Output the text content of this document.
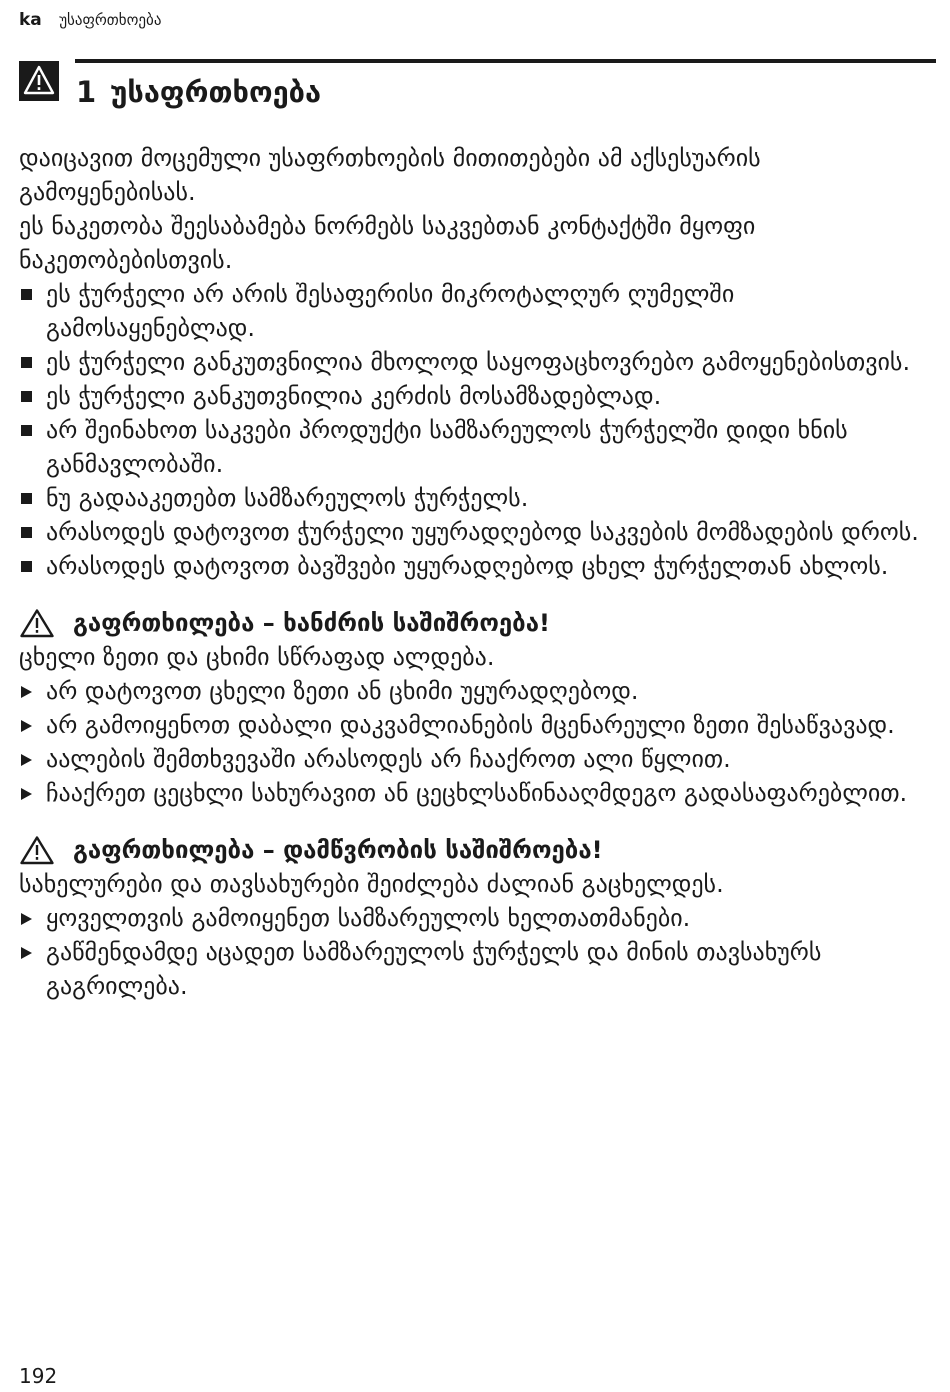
ka უსაფრთხოება
1 უსაფრთხოება

დაიცავით მოცემული უსაფრთხოების მითითებები ამ აქსესუარის გამოყენებისას.

ეს ნაკეთობა შეესაბამება ნორმებს საკვებთან კონტაქტში მყოფი ნაკეთობებისთვის.

ეს ჭურჭელი არ არის შესაფერისი მიკროტალღურ ღუმელში გამოსაყენებლად.
ეს ჭურჭელი განკუთვნილია მხოლოდ საყოფაცხოვრებო გამოყენებისთვის.
ეს ჭურჭელი განკუთვნილია კერძის მოსამზადებლად.
არ შეინახოთ საკვები პროდუქტი სამზარეულოს ჭურჭელში დიდი ხნის განმავლობაში.
ნუ გადააკეთებთ სამზარეულოს ჭურჭელს.
არასოდეს დატოვოთ ჭურჭელი უყურადღებოდ საკვების მომზადების დროს.
არასოდეს დატოვოთ ბავშვები უყურადღებოდ ცხელ ჭურჭელთან ახლოს.
გაფრთხილება – ხანძრის საშიშროება!

ცხელი ზეთი და ცხიმი სწრაფად ალდება.

არ დატოვოთ ცხელი ზეთი ან ცხიმი უყურადღებოდ.
არ გამოიყენოთ დაბალი დაკვამლიანების მცენარეული ზეთი შესაწვავად.
აალების შემთხვევაში არასოდეს არ ჩააქროთ ალი წყლით.
ჩააქრეთ ცეცხლი სახურავით ან ცეცხლსაწინააღმდეგო გადასაფარებლით.
გაფრთხილება – დამწვრობის საშიშროება!

სახელურები და თავსახურები შეიძლება ძალიან გაცხელდეს.

ყოველთვის გამოიყენეთ სამზარეულოს ხელთათმანები.
გაწმენდამდე აცადეთ სამზარეულოს ჭურჭელს და მინის თავსახურს გაგრილება.
192
